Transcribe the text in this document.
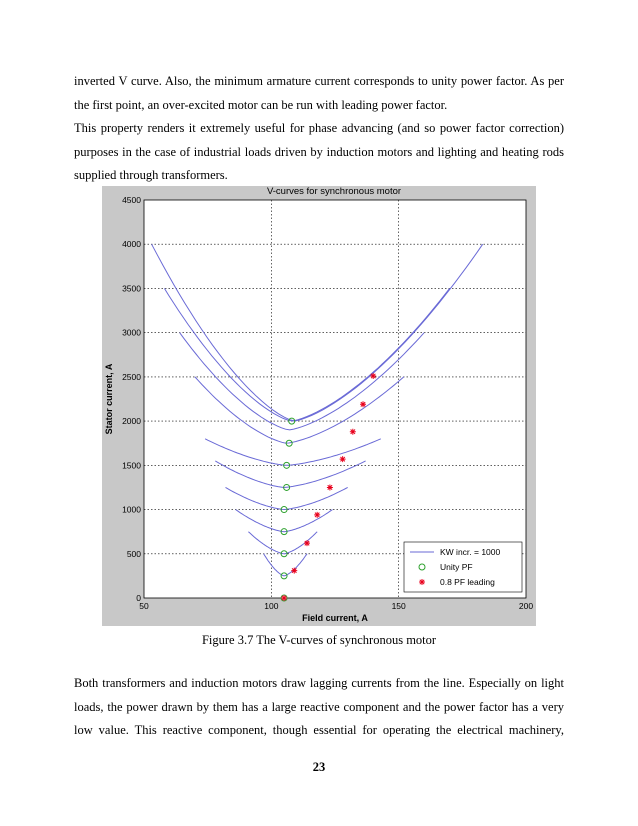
inverted V curve. Also, the minimum armature current corresponds to unity power factor. As per
the first point, an over-excited motor can be run with leading power factor.
This property renders it extremely useful for phase advancing (and so power factor correction)
purposes in the case of industrial loads driven by induction motors and lighting and heating rods
supplied through transformers.
V-curves for synchronous motor
50	100	150	200
0
500
1000
1500
2000
2500
3000
3500
4000
4500
Field current, A
Stator current, A
KW incr. = 1000
Unity PF
0.8 PF leading
Figure 3.7 The V-curves of synchronous motor
Both transformers and induction motors draw lagging currents from the line. Especially on light
loads, the power drawn by them has a large reactive component and the power factor has a very
low value. This reactive component, though essential for operating the electrical machinery,
23
